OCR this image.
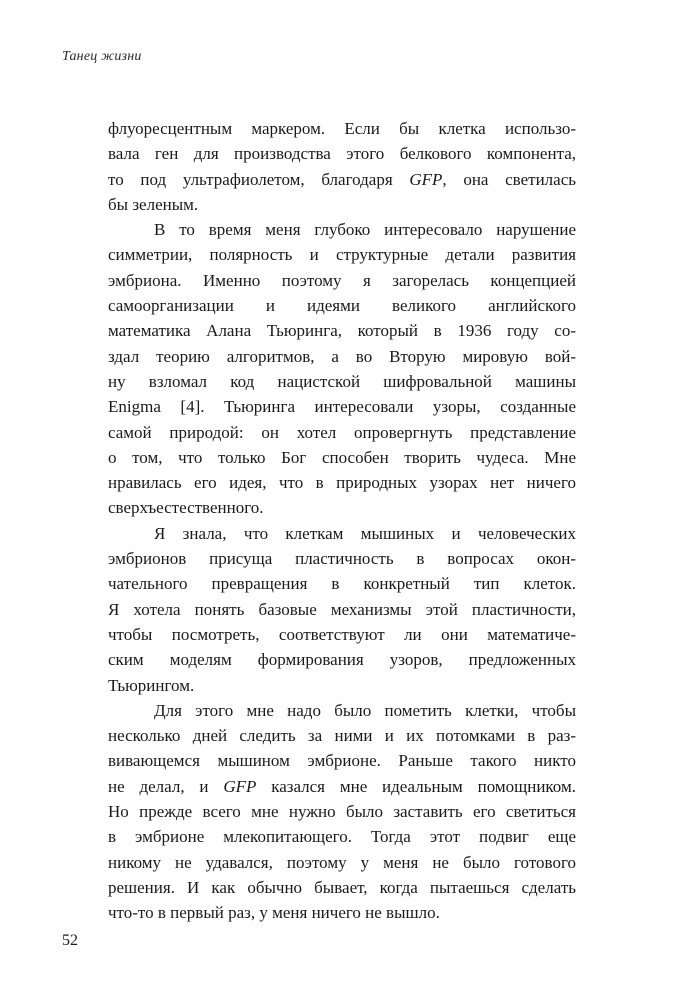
Танец жизни
флуоресцентным маркером. Если бы клетка использо-
вала ген для производства этого белкового компонента,
то под ультрафиолетом, благодаря GFP, она светилась
бы зеленым.
В то время меня глубоко интересовало нарушение
симметрии, полярность и структурные детали развития
эмбриона. Именно поэтому я загорелась концепцией
самоорганизации и идеями великого английского
математика Алана Тьюринга, который в 1936 году со-
здал теорию алгоритмов, а во Вторую мировую вой-
ну взломал код нацистской шифровальной машины
Enigma [4]. Тьюринга интересовали узоры, созданные
самой природой: он хотел опровергнуть представление
о том, что только Бог способен творить чудеса. Мне
нравилась его идея, что в природных узорах нет ничего
сверхъестественного.
Я знала, что клеткам мышиных и человеческих
эмбрионов присуща пластичность в вопросах окон-
чательного превращения в конкретный тип клеток.
Я хотела понять базовые механизмы этой пластичности,
чтобы посмотреть, соответствуют ли они математиче-
ским моделям формирования узоров, предложенных
Тьюрингом.
Для этого мне надо было пометить клетки, чтобы
несколько дней следить за ними и их потомками в раз-
вивающемся мышином эмбрионе. Раньше такого никто
не делал, и GFP казался мне идеальным помощником.
Но прежде всего мне нужно было заставить его светиться
в эмбрионе млекопитающего. Тогда этот подвиг еще
никому не удавался, поэтому у меня не было готового
решения. И как обычно бывает, когда пытаешься сделать
что-то в первый раз, у меня ничего не вышло.
52
